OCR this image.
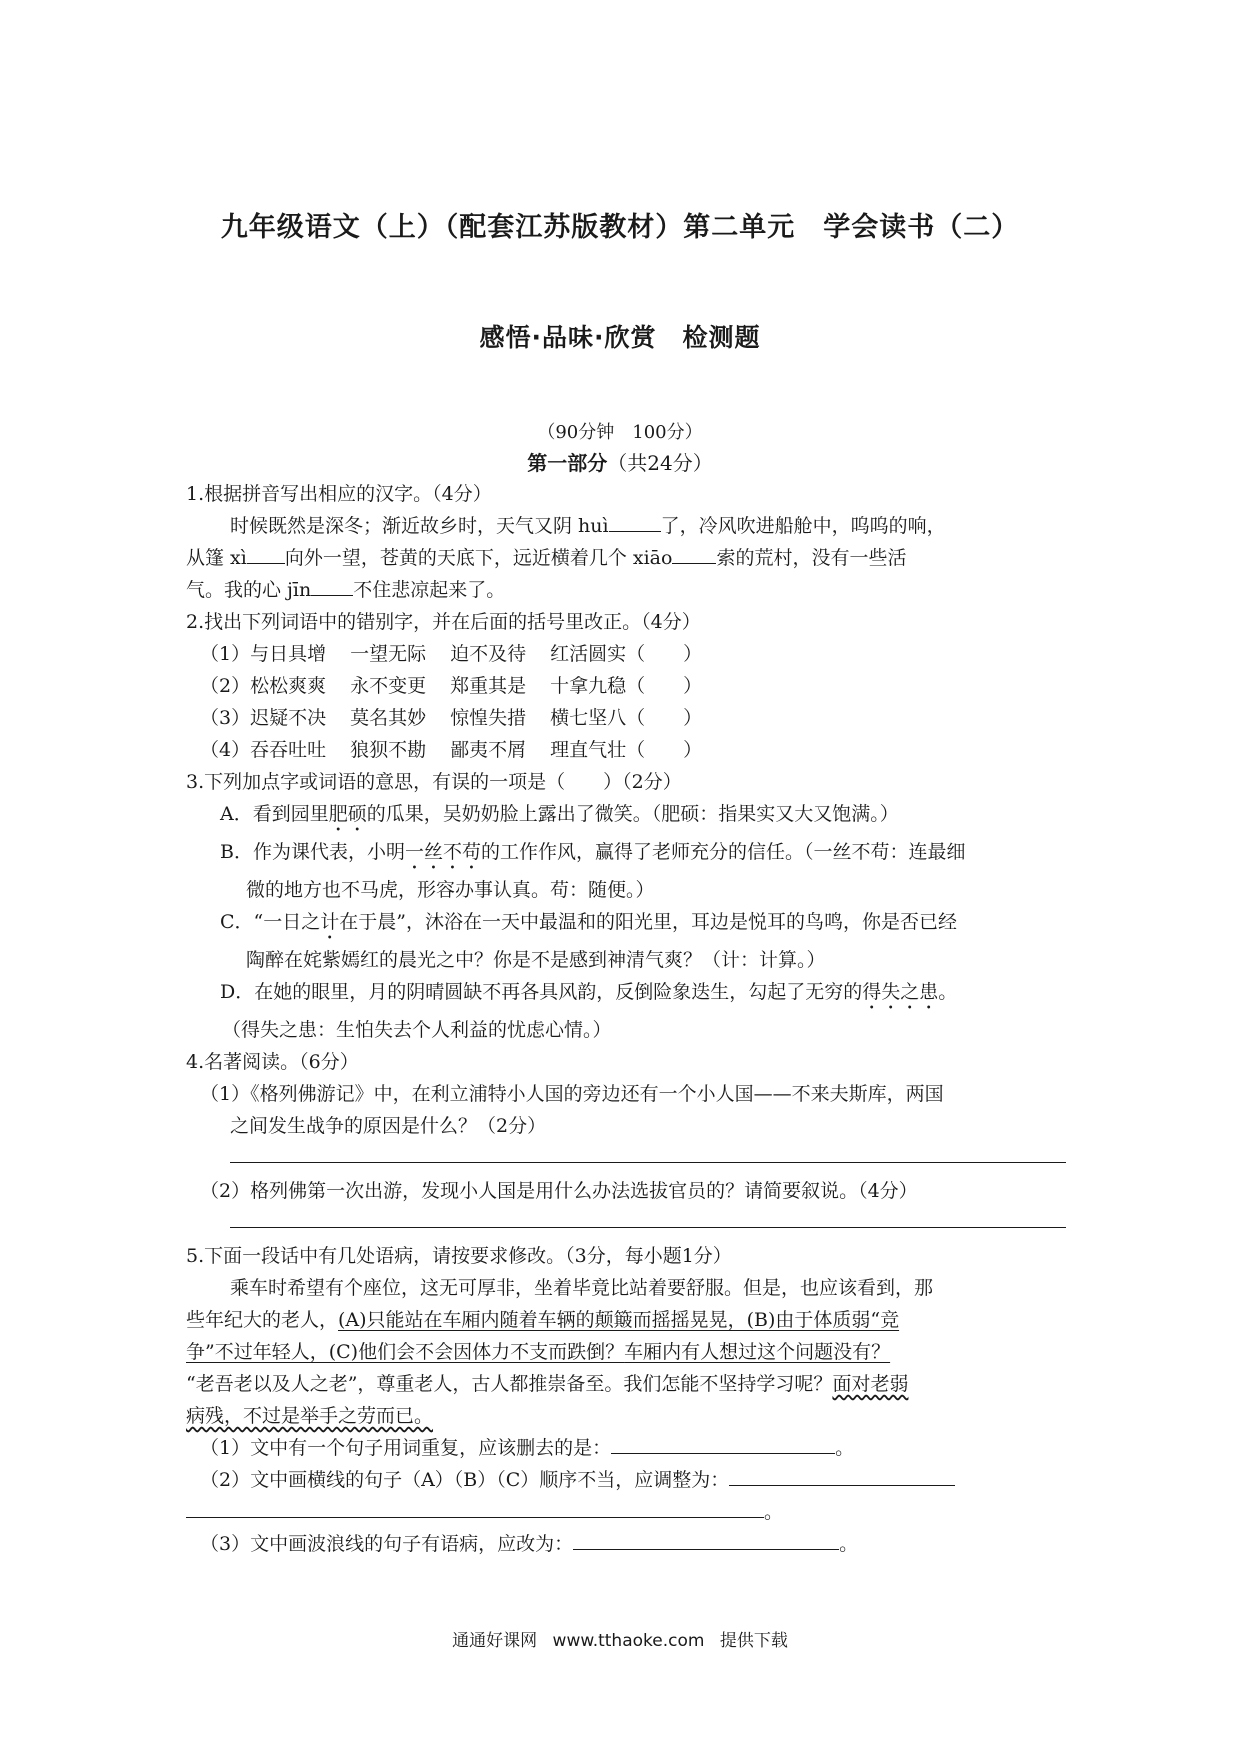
九年级语文（上）（配套江苏版教材）第二单元　学会读书（二）
感悟·品味·欣赏　检测题
（90分钟　100分）
第一部分（共24分）
1.根据拼音写出相应的汉字。（4分）
时候既然是深冬；渐近故乡时，天气又阴 huì	了，冷风吹进船舱中，呜呜的响，
从篷 xì 向外一望，苍黄的天底下，远近横着几个 xiāo 索的荒村，没有一些活
气。我的心 jīn 不住悲凉起来了。
2.找出下列词语中的错别字，并在后面的括号里改正。（4分）
（1）与日具增 一望无际 迫不及待 红活圆实（　　）
（2）松松爽爽 永不变更 郑重其是 十拿九稳（　　）
（3）迟疑不决 莫名其妙 惊惶失措 横七坚八（　　）
（4）吞吞吐吐 狼狈不勘 鄙夷不屑 理直气壮（　　）
3.下列加点字或词语的意思，有误的一项是（　　）（2分）
A．看到园里肥硕的瓜果，吴奶奶脸上露出了微笑。（肥硕：指果实又大又饱满。）
B．作为课代表，小明一丝不苟的工作作风，赢得了老师充分的信任。（一丝不苟：连最细
微的地方也不马虎，形容办事认真。苟：随便。）
C．“一日之计在于晨”，沐浴在一天中最温和的阳光里，耳边是悦耳的鸟鸣，你是否已经
陶醉在姹紫嫣红的晨光之中？你是不是感到神清气爽？（计：计算。）
D．在她的眼里，月的阴晴圆缺不再各具风韵，反倒险象迭生，勾起了无穷的得失之患。
（得失之患：生怕失去个人利益的忧虑心情。）
4.名著阅读。（6分）
（1）《格列佛游记》中，在利立浦特小人国的旁边还有一个小人国——不来夫斯库，两国
之间发生战争的原因是什么？（2分）
（2）格列佛第一次出游，发现小人国是用什么办法选拔官员的？请简要叙说。（4分）
5.下面一段话中有几处语病，请按要求修改。（3分，每小题1分）
乘车时希望有个座位，这无可厚非，坐着毕竟比站着要舒服。但是，也应该看到，那
些年纪大的老人，(A)只能站在车厢内随着车辆的颠簸而摇摇晃晃，(B)由于体质弱“竞
争”不过年轻人，(C)他们会不会因体力不支而跌倒？车厢内有人想过这个问题没有？
“老吾老以及人之老”，尊重老人，古人都推崇备至。我们怎能不坚持学习呢？面对老弱
病残，不过是举手之劳而已。
（1）文中有一个句子用词重复，应该删去的是：	。
（2）文中画横线的句子（A）（B）（C）顺序不当，应调整为：
。
（3）文中画波浪线的句子有语病，应改为：	。
通通好课网 www.tthaoke.com 提供下载
